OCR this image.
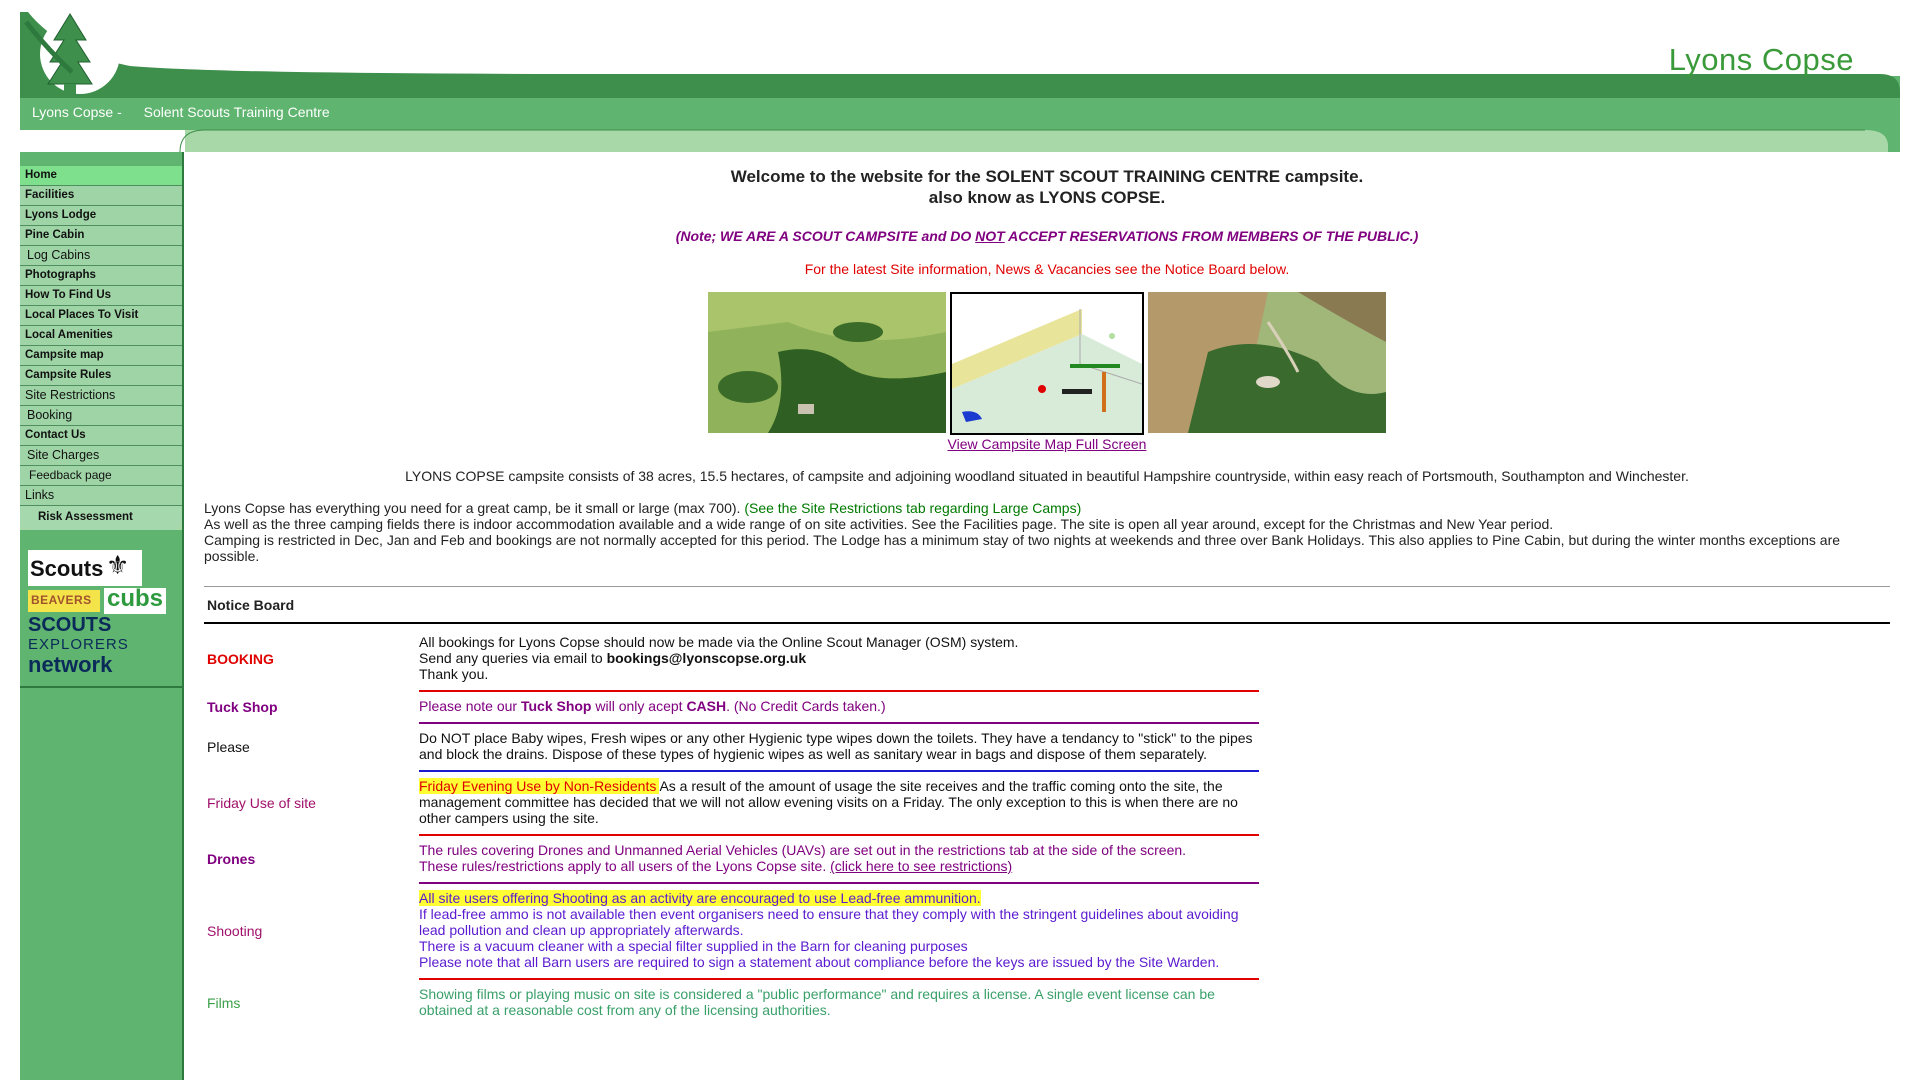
Lyons Copse
Lyons Copse - Solent Scouts Training Centre
Home
Facilities
Lyons Lodge
Pine Cabin
Log Cabins
Photographs
How To Find Us
Local Places To Visit
Local Amenities
Campsite map
Campsite Rules
Site Restrictions
Booking
Contact Us
Site Charges
Feedback page
Links
Risk Assessment
Scouts ⚜
BEAVERS cubs
SCOUTS
EXPLORERS
network
Welcome to the website for the SOLENT SCOUT TRAINING CENTRE campsite.
also know as LYONS COPSE.
(Note; WE ARE A SCOUT CAMPSITE and DO NOT ACCEPT RESERVATIONS FROM MEMBERS OF THE PUBLIC.)
For the latest Site information, News & Vacancies see the Notice Board below.
View Campsite Map Full Screen
LYONS COPSE campsite consists of 38 acres, 15.5 hectares, of campsite and adjoining woodland situated in beautiful Hampshire countryside, within easy reach of Portsmouth, Southampton and Winchester.
Lyons Copse has everything you need for a great camp, be it small or large (max 700). (See the Site Restrictions tab regarding Large Camps)
As well as the three camping fields there is indoor accommodation available and a wide range of on site activities. See the Facilities page. The site is open all year around, except for the Christmas and New Year period.
Camping is restricted in Dec, Jan and Feb and bookings are not normally accepted for this period. The Lodge has a minimum stay of two nights at weekends and three over Bank Holidays. This also applies to Pine Cabin, but during the winter months exceptions are possible.
Notice Board
BOOKING	All bookings for Lyons Copse should now be made via the Online Scout Manager (OSM) system.
Send any queries via email to bookings@lyonscopse.org.uk
Thank you.

Tuck Shop	Please note our Tuck Shop will only acept CASH. (No Credit Cards taken.)

Please	Do NOT place Baby wipes, Fresh wipes or any other Hygienic type wipes down the toilets. They have a tendancy to "stick" to the pipes and block the drains. Dispose of these types of hygienic wipes as well as sanitary wear in bags and dispose of them separately.

Friday Use of site	Friday Evening Use by Non-Residents As a result of the amount of usage the site receives and the traffic coming onto the site, the management committee has decided that we will not allow evening visits on a Friday. The only exception to this is when there are no other campers using the site.

Drones	The rules covering Drones and Unmanned Aerial Vehicles (UAVs) are set out in the restrictions tab at the side of the screen.
These rules/restrictions apply to all users of the Lyons Copse site. (click here to see restrictions)

Shooting	All site users offering Shooting as an activity are encouraged to use Lead-free ammunition.
If lead-free ammo is not available then event organisers need to ensure that they comply with the stringent guidelines about avoiding lead pollution and clean up appropriately afterwards.
There is a vacuum cleaner with a special filter supplied in the Barn for cleaning purposes
Please note that all Barn users are required to sign a statement about compliance before the keys are issued by the Site Warden.

Films	Showing films or playing music on site is considered a "public performance" and requires a license. A single event license can be obtained at a reasonable cost from any of the licensing authorities.
